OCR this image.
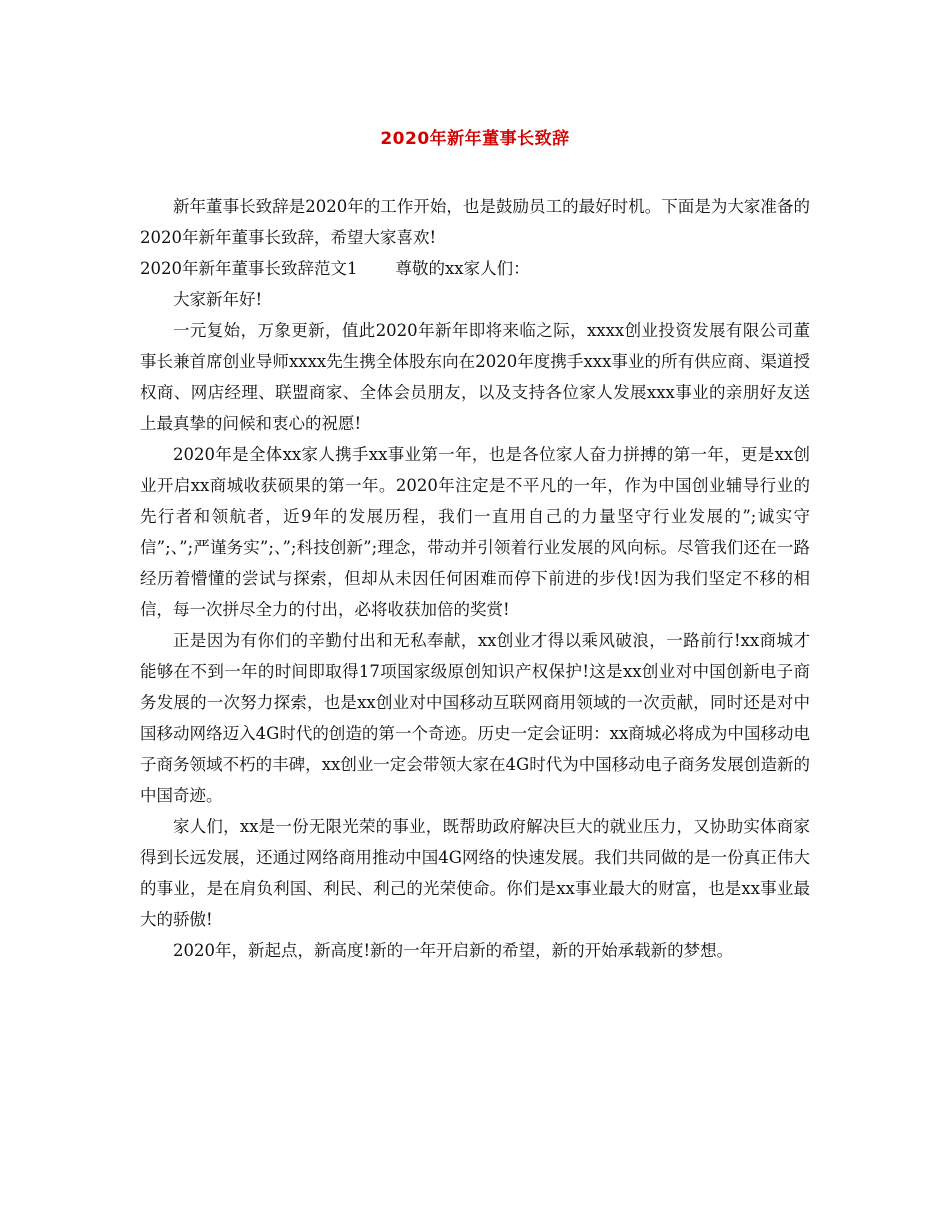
2020年新年董事长致辞

新年董事长致辞是2020年的工作开始，也是鼓励员工的最好时机。下面是为大家准备的2020年新年董事长致辞，希望大家喜欢!

2020年新年董事长致辞范文1 尊敬的xx家人们：

大家新年好!

一元复始，万象更新，值此2020年新年即将来临之际，xxxx创业投资发展有限公司董事长兼首席创业导师xxxx先生携全体股东向在2020年度携手xxx事业的所有供应商、渠道授权商、网店经理、联盟商家、全体会员朋友，以及支持各位家人发展xxx事业的亲朋好友送上最真挚的问候和衷心的祝愿!

2020年是全体xx家人携手xx事业第一年，也是各位家人奋力拼搏的第一年，更是xx创业开启xx商城收获硕果的第一年。2020年注定是不平凡的一年，作为中国创业辅导行业的先行者和领航者，近9年的发展历程，我们一直用自己的力量坚守行业发展的”;诚实守信”;、”;严谨务实”;、”;科技创新”;理念，带动并引领着行业发展的风向标。尽管我们还在一路经历着懵懂的尝试与探索，但却从未因任何困难而停下前进的步伐!因为我们坚定不移的相信，每一次拼尽全力的付出，必将收获加倍的奖赏!

正是因为有你们的辛勤付出和无私奉献，xx创业才得以乘风破浪，一路前行!xx商城才能够在不到一年的时间即取得17项国家级原创知识产权保护!这是xx创业对中国创新电子商务发展的一次努力探索，也是xx创业对中国移动互联网商用领域的一次贡献，同时还是对中国移动网络迈入4G时代的创造的第一个奇迹。历史一定会证明：xx商城必将成为中国移动电子商务领域不朽的丰碑，xx创业一定会带领大家在4G时代为中国移动电子商务发展创造新的中国奇迹。

家人们，xx是一份无限光荣的事业，既帮助政府解决巨大的就业压力，又协助实体商家得到长远发展，还通过网络商用推动中国4G网络的快速发展。我们共同做的是一份真正伟大的事业，是在肩负利国、利民、利己的光荣使命。你们是xx事业最大的财富，也是xx事业最大的骄傲!

2020年，新起点，新高度!新的一年开启新的希望，新的开始承载新的梦想。
